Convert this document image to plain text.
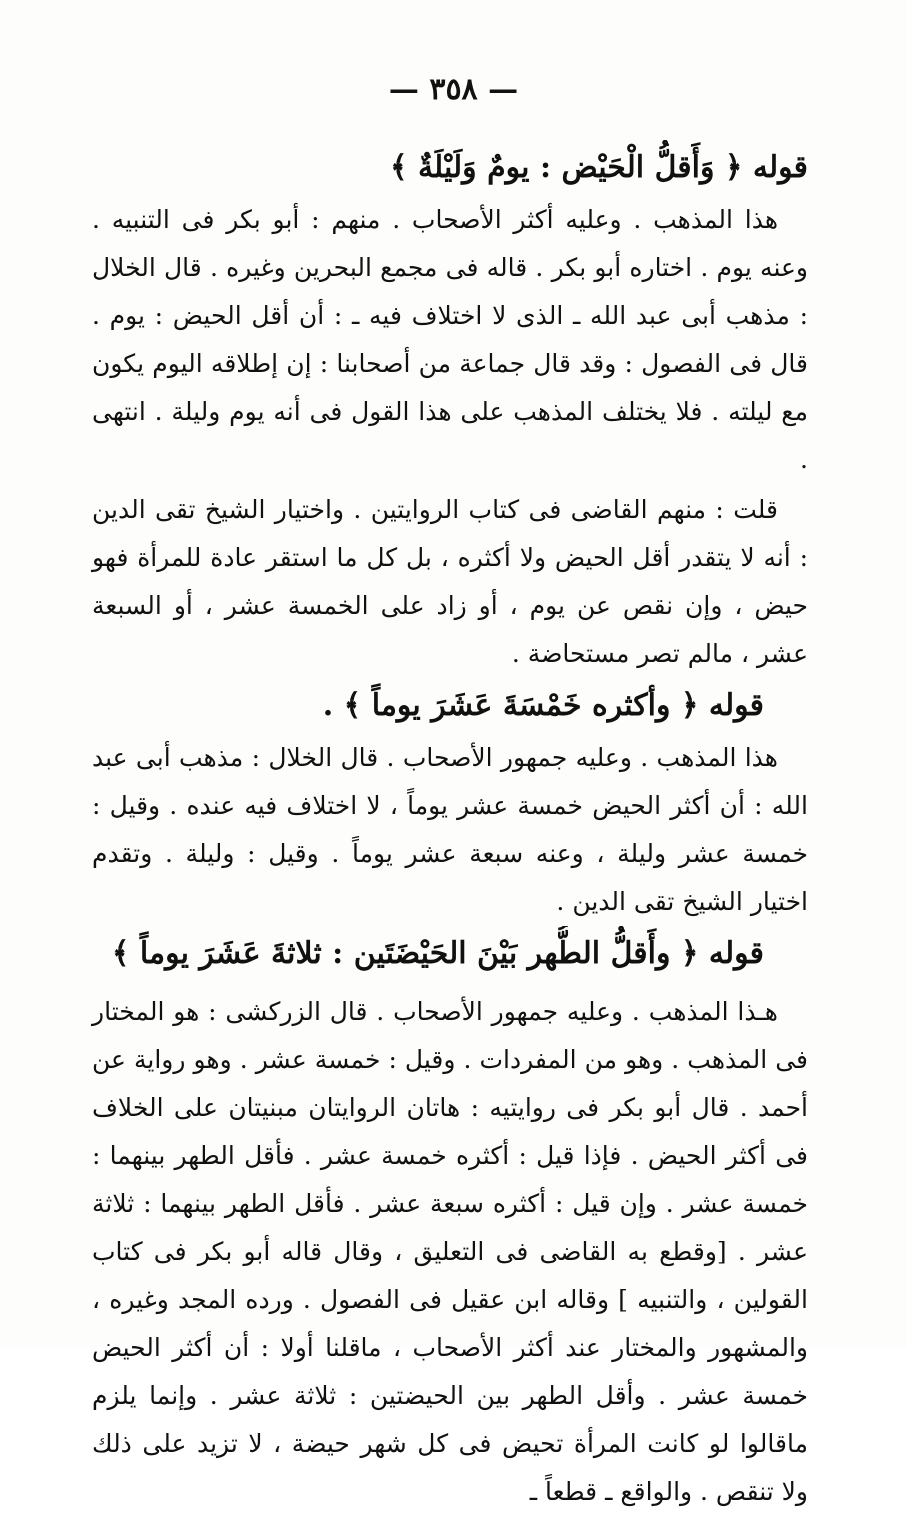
— ٣٥٨ —
قوله ﴿ وَأَقلُّ الْحَيْض : يومٌ وَلَيْلَةٌ ﴾

هذا المذهب . وعليه أكثر الأصحاب . منهم : أبو بكر فى التنبيه . وعنه يوم . اختاره أبو بكر . قاله فى مجمع البحرين وغيره . قال الخلال : مذهب أبى عبد الله ـ الذى لا اختلاف فيه ـ : أن أقل الحيض : يوم . قال فى الفصول : وقد قال جماعة من أصحابنا : إن إطلاقه اليوم يكون مع ليلته . فلا يختلف المذهب على هذا القول فى أنه يوم وليلة . انتهى .

قلت : منهم القاضى فى كتاب الروايتين . واختيار الشيخ تقى الدين : أنه لا يتقدر أقل الحيض ولا أكثره ، بل كل ما استقر عادة للمرأة فهو حيض ، وإن نقص عن يوم ، أو زاد على الخمسة عشر ، أو السبعة عشر ، مالم تصر مستحاضة .

قوله ﴿ وأكثره خَمْسَةَ عَشَرَ يوماً ﴾ .

هذا المذهب . وعليه جمهور الأصحاب . قال الخلال : مذهب أبى عبد الله : أن أكثر الحيض خمسة عشر يوماً ، لا اختلاف فيه عنده . وقيل : خمسة عشر وليلة ، وعنه سبعة عشر يوماً . وقيل : وليلة . وتقدم اختيار الشيخ تقى الدين .

قوله ﴿ وأَقلُّ الطُّهر بَيْنَ الحَيْضَتَين : ثلاثةَ عَشَرَ يوماً ﴾

هـذا المذهب . وعليه جمهور الأصحاب . قال الزركشى : هو المختار فى المذهب . وهو من المفردات . وقيل : خمسة عشر . وهو رواية عن أحمد . قال أبو بكر فى روايتيه : هاتان الروايتان مبنيتان على الخلاف فى أكثر الحيض . فإذا قيل : أكثره خمسة عشر . فأقل الطهر بينهما : خمسة عشر . وإن قيل : أكثره سبعة عشر . فأقل الطهر بينهما : ثلاثة عشر . [وقطع به القاضى فى التعليق ، وقال قاله أبو بكر فى كتاب القولين ، والتنبيه ] وقاله ابن عقيل فى الفصول . ورده المجد وغيره ، والمشهور والمختار عند أكثر الأصحاب ، ماقلنا أولا : أن أكثر الحيض خمسة عشر . وأقل الطهر بين الحيضتين : ثلاثة عشر . وإنما يلزم ماقالوا لو كانت المرأة تحيض فى كل شهر حيضة ، لا تزيد على ذلك ولا تنقص . والواقع ـ قطعاً ـ
